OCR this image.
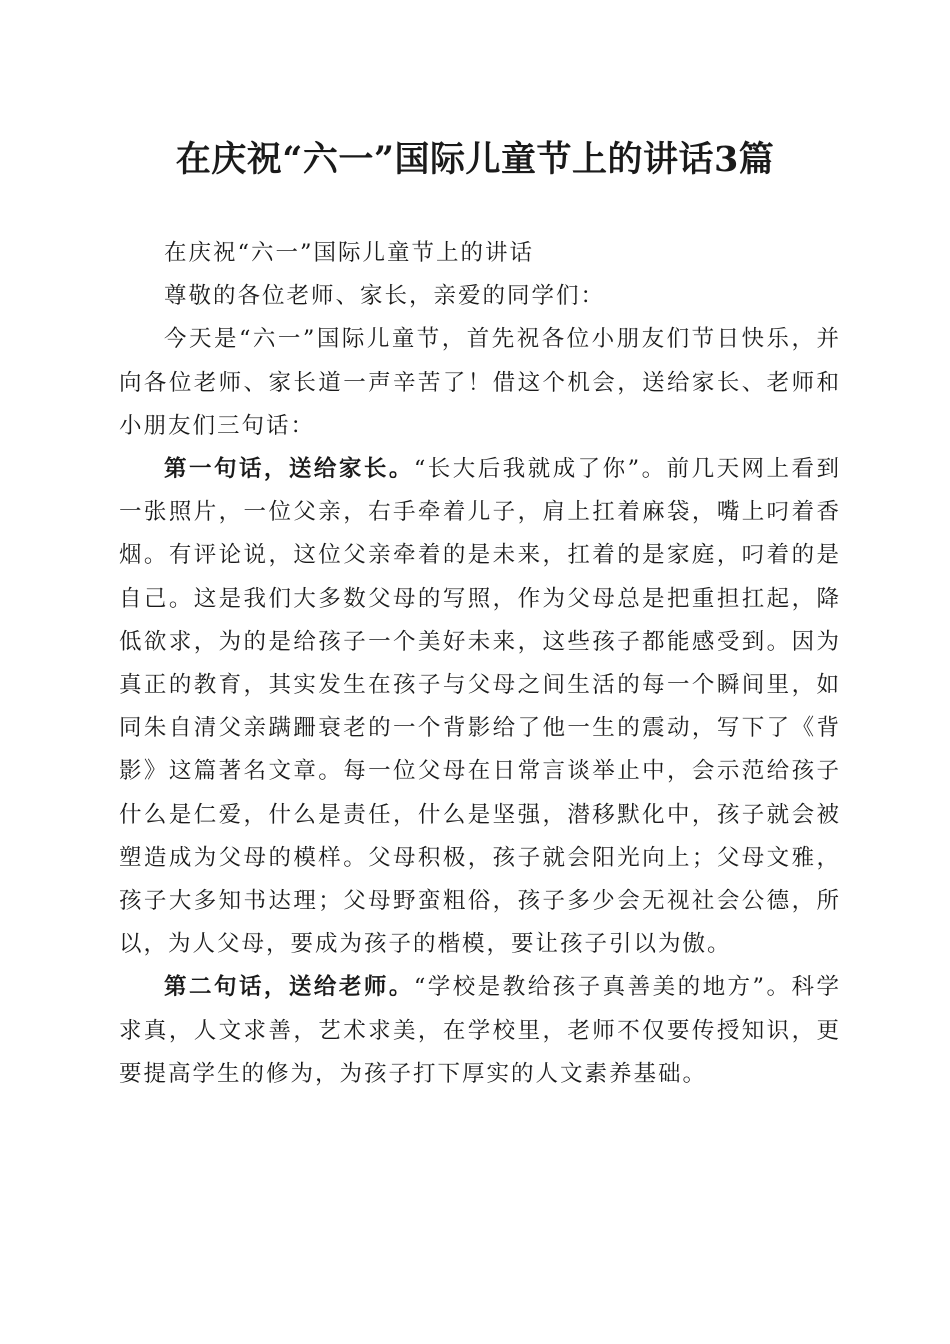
在庆祝“六一”国际儿童节上的讲话3篇

在庆祝“六一”国际儿童节上的讲话

尊敬的各位老师、家长，亲爱的同学们：

今天是“六一”国际儿童节，首先祝各位小朋友们节日快乐，并向各位老师、家长道一声辛苦了！借这个机会，送给家长、老师和小朋友们三句话：

第一句话，送给家长。“长大后我就成了你”。前几天网上看到一张照片，一位父亲，右手牵着儿子，肩上扛着麻袋，嘴上叼着香烟。有评论说，这位父亲牵着的是未来，扛着的是家庭，叼着的是自己。这是我们大多数父母的写照，作为父母总是把重担扛起，降低欲求，为的是给孩子一个美好未来，这些孩子都能感受到。因为真正的教育，其实发生在孩子与父母之间生活的每一个瞬间里，如同朱自清父亲蹒跚衰老的一个背影给了他一生的震动，写下了《背影》这篇著名文章。每一位父母在日常言谈举止中，会示范给孩子什么是仁爱，什么是责任，什么是坚强，潜移默化中，孩子就会被塑造成为父母的模样。父母积极，孩子就会阳光向上；父母文雅，孩子大多知书达理；父母野蛮粗俗，孩子多少会无视社会公德，所以，为人父母，要成为孩子的楷模，要让孩子引以为傲。

第二句话，送给老师。“学校是教给孩子真善美的地方”。科学求真，人文求善，艺术求美，在学校里，老师不仅要传授知识，更要提高学生的修为，为孩子打下厚实的人文素养基础。
